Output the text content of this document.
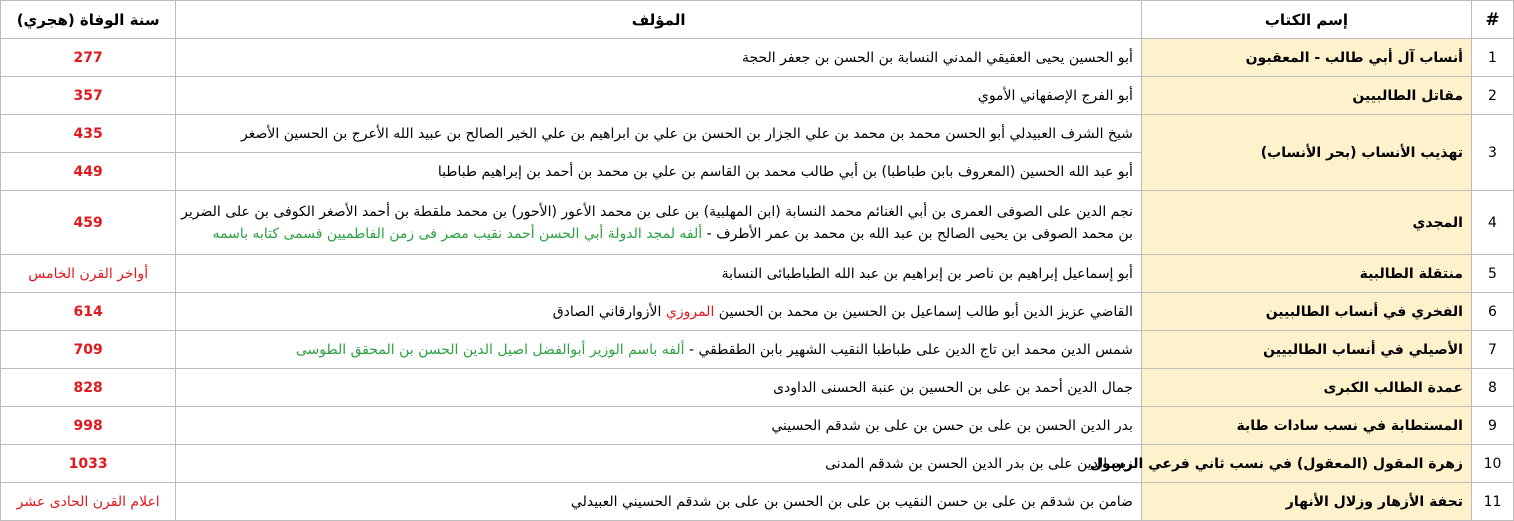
#	إسم الكتاب	المؤلف	سنة الوفاة (هجري)
1	أنساب آل أبي طالب - المعقبون	أبو الحسين يحيى العقيقي المدني النسابة بن الحسن بن جعفر الحجة	277
2	مقاتل الطالبيين	أبو الفرج الإصفهاني الأموي	357
3	تهذيب الأنساب (بحر الأنساب)	شيخ الشرف العبيدلي أبو الحسن محمد بن محمد بن علي الجزار بن الحسن بن علي بن ابراهيم بن علي الخير الصالح بن عبيد الله الأعرج بن الحسين الأصغر	435
		أبو عبد الله الحسين (المعروف بابن طباطبا) بن أبي طالب محمد بن القاسم بن علي بن محمد بن أحمد بن إبراهيم طباطبا	449
4	المجدي	نجم الدين على الصوفى العمرى بن أبي الغنائم محمد النسابة (ابن المهلبية) بن على بن محمد الأعور (الأحور) بن محمد ملقطة بن أحمد الأصغر الكوفى بن على الضرير
بن محمد الصوفى بن يحيى الصالح بن عبد الله بن محمد بن عمر الأطرف - ألفه لمجد الدولة أبي الحسن أحمد نقيب مصر فى زمن الفاطميين فسمى كتابه باسمه	459
5	منتقلة الطالبية	أبو إسماعيل إبراهيم بن ناصر بن إبراهيم بن عبد الله الطباطبائى النسابة	أواخر القرن الخامس
6	الفخري في أنساب الطالبيين	القاضي عزيز الدين أبو طالب إسماعيل بن الحسين بن محمد بن الحسين المروزي الأزوارقاني الصادق	614
7	الأصيلي في أنساب الطالبيين	شمس الدين محمد ابن تاج الدين على طباطبا النقيب الشهير بابن الطقطقي - ألفه باسم الوزير أبوالفضل اصيل الدين الحسن بن المحقق الطوسى	709
8	عمدة الطالب الكبرى	جمال الدين أحمد بن على بن الحسين بن عنبة الحسنى الداودى	828
9	المستطابة في نسب سادات طابة	بدر الدين الحسن بن على بن حسن بن على بن شدقم الحسيني	998
10	زهرة المقول (المعقول) في نسب ثاني فرعي الرسول	زين الدين على بن بدر الدين الحسن بن شدقم المدنى	1033
11	تحفة الأزهار وزلال الأنهار	ضامن بن شدقم بن على بن حسن النقيب بن على بن الحسن بن على بن شدقم الحسيني العبيدلي	اعلام القرن الحادى عشر
